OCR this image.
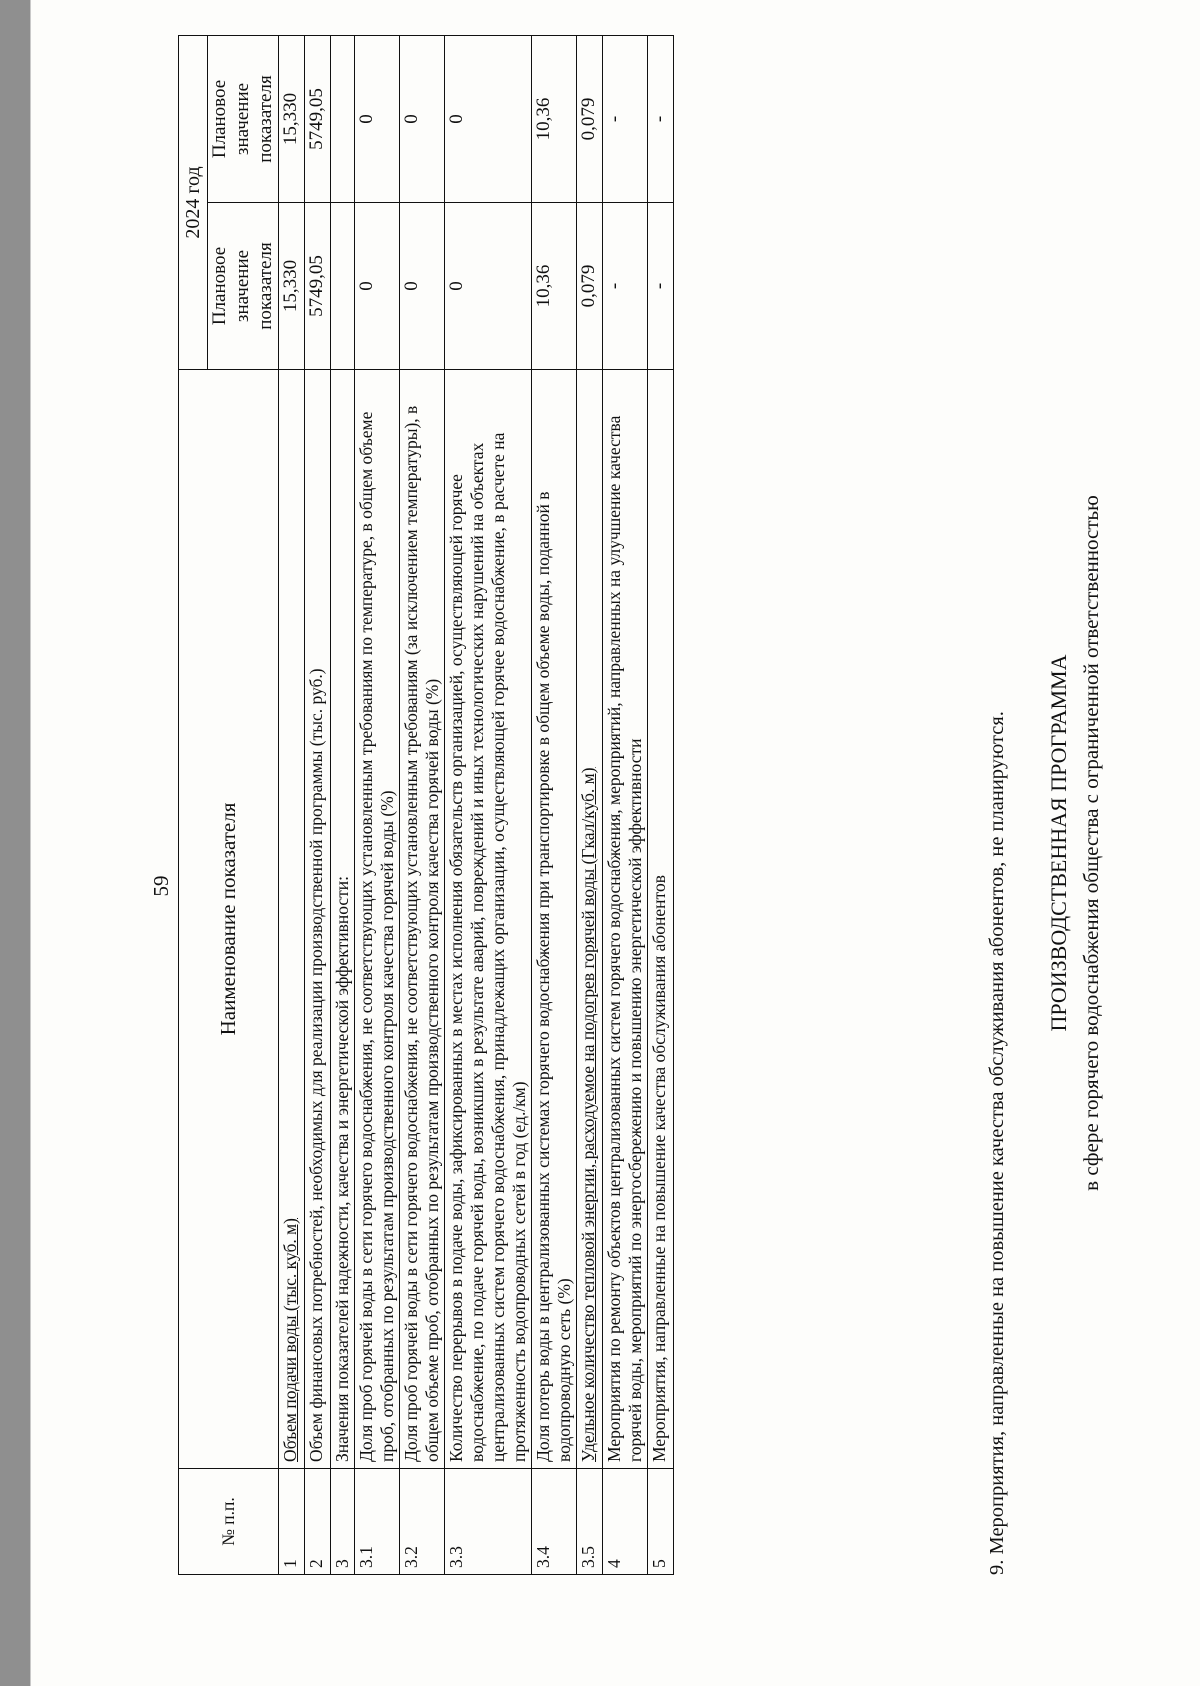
59
№ п.п.	Наименование показателя	2024 год	
		Плановое значение показателя	Плановое значение показателя
1	Объем подачи воды (тыс. куб. м)	15,330	15,330
2	Объем финансовых потребностей, необходимых для реализации производственной программы (тыс. руб.)	5749,05	5749,05
3	Значения показателей надежности, качества и энергетической эффективности:		
3.1	Доля проб горячей воды в сети горячего водоснабжения, не соответствующих установленным требованиям по температуре, в общем объеме проб, отобранных по результатам производственного контроля качества горячей воды (%)	0	0
3.2	Доля проб горячей воды в сети горячего водоснабжения, не соответствующих установленным требованиям (за исключением температуры), в общем объеме проб, отобранных по результатам производственного контроля качества горячей воды (%)	0	0
3.3	Количество перерывов в подаче воды, зафиксированных в местах исполнения обязательств организацией, осуществляющей горячее водоснабжение, по подаче горячей воды, возникших в результате аварий, повреждений и иных технологических нарушений на объектах централизованных систем горячего водоснабжения, принадлежащих организации, осуществляющей горячее водоснабжение, в расчете на протяженность водопроводных сетей в год (ед./км)	0	0
3.4	Доля потерь воды в централизованных системах горячего водоснабжения при транспортировке в общем объеме воды, поданной в водопроводную сеть (%)	10,36	10,36
3.5	Удельное количество тепловой энергии, расходуемое на подогрев горячей воды (Гкал/куб. м)	0,079	0,079
4	Мероприятия по ремонту объектов централизованных систем горячего водоснабжения, мероприятий, направленных на улучшение качества горячей воды, мероприятий по энергосбережению и повышению энергетической эффективности	-	-
5	Мероприятия, направленные на повышение качества обслуживания абонентов	-	-
9. Мероприятия, направленные на повышение качества обслуживания абонентов, не планируются. ПРОИЗВОДСТВЕННАЯ ПРОГРАММА в сфере горячего водоснабжения общества с ограниченной ответственностью
